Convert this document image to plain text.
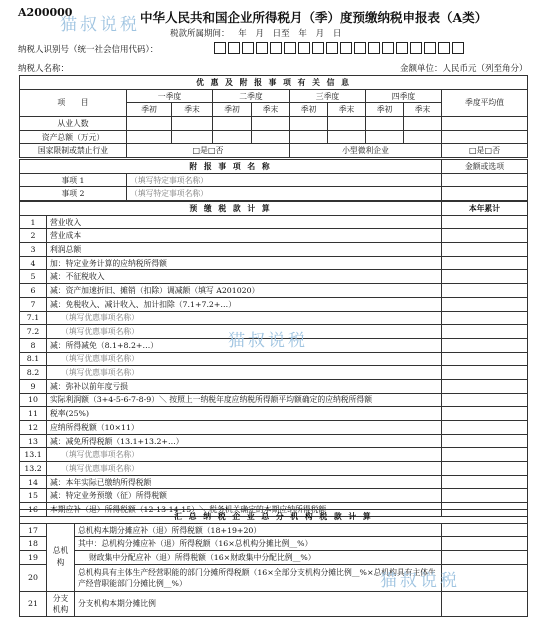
A200000	中华人民共和国企业所得税月（季）度预缴纳税申报表（A类）
猫叔说税	税款所属期间： 年 月 日至 年 月 日
纳税人识别号（统一社会信用代码）：
纳税人名称：	金额单位：人民币元（列至角分）
优 惠 及 附 报 事 项 有 关 信 息									
项　　目	一季度		二季度		三季度		四季度		季度平均值
	季初	季末	季初	季末	季初	季末	季初	季末	
从业人数									
资产总额（万元）									
国家限制或禁止行业	□是□否				小型微利企业				□是□否
附 报 事 项 名 称		金额或选项
事项 1	（填写特定事项名称）	
事项 2	（填写特定事项名称）	
预 缴 税 款 计 算		本年累计
1	营业收入	
2	营业成本	
3	利润总额	
4	加：特定业务计算的应纳税所得额	
5	减：不征税收入	
6	减：资产加速折旧、摊销（扣除）调减额（填写 A201020）	
7	减：免税收入、减计收入、加计扣除（7.1+7.2+…）	
7.1	（填写优惠事项名称）	
7.2	（填写优惠事项名称）	
8	减：所得减免（8.1+8.2+…）	
8.1	（填写优惠事项名称）	
8.2	（填写优惠事项名称）	
9	减：弥补以前年度亏损	
10	实际利润额（3+4-5-6-7-8-9）＼ 按照上一纳税年度应纳税所得额平均额确定的应纳税所得额	
11	税率(25%)	
12	应纳所得税额（10×11）	
13	减：减免所得税额（13.1+13.2+…）	
13.1	（填写优惠事项名称）	
13.2	（填写优惠事项名称）	
14	减：本年实际已缴纳所得税额	
15	减：特定业务预缴（征）所得税额	
16	本期应补（退）所得税额（12-13-14-15）＼ 税务机关确定的本期应纳所得税额	
汇 总 纳 税 企 业 总 分 机 构 税 款 计 算			
17	总机构	总机构本期分摊应补（退）所得税额（18+19+20）	
18		其中：总机构分摊应补（退）所得税额（16×总机构分摊比例__%）	
19		财政集中分配应补（退）所得税额（16×财政集中分配比例__%）	
20		总机构具有主体生产经营职能的部门分摊所得税额（16×全部分支机构分摊比例__%×总机构具有主体生产经营职能部门分摊比例__%）	
21	分支机构	分支机构本期分摊比例	
猫叔说税
猫叔说税
